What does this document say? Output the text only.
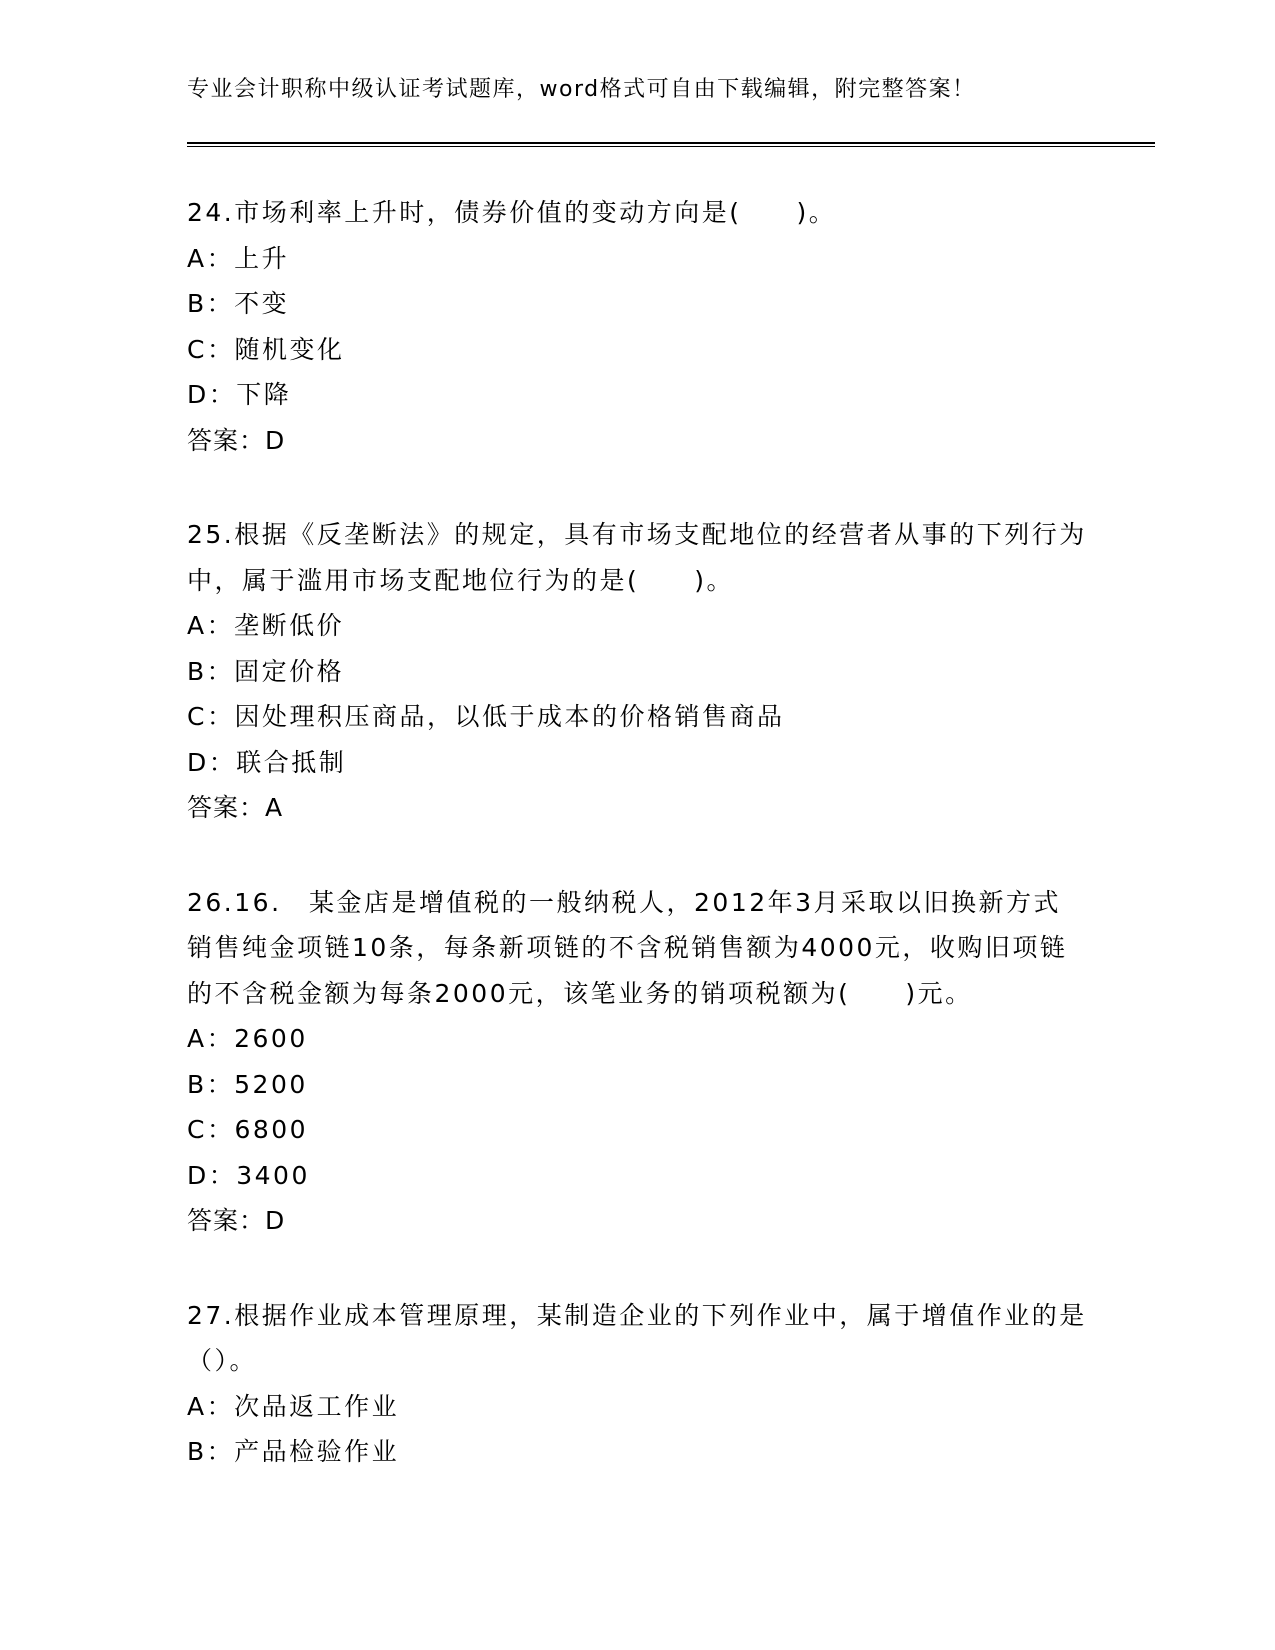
专业会计职称中级认证考试题库，word格式可自由下载编辑，附完整答案！

24.市场利率上升时，债券价值的变动方向是(　　)。

A：上升

B：不变

C：随机变化

D：下降

答案：D

25.根据《反垄断法》的规定，具有市场支配地位的经营者从事的下列行为中，属于滥用市场支配地位行为的是(　　)。

A：垄断低价

B：固定价格

C：因处理积压商品，以低于成本的价格销售商品

D：联合抵制

答案：A

26.16.　某金店是增值税的一般纳税人，2012年3月采取以旧换新方式销售纯金项链10条，每条新项链的不含税销售额为4000元，收购旧项链的不含税金额为每条2000元，该笔业务的销项税额为(　　)元。

A：2600

B：5200

C：6800

D：3400

答案：D

27.根据作业成本管理原理，某制造企业的下列作业中，属于增值作业的是（）。

A：次品返工作业

B：产品检验作业
